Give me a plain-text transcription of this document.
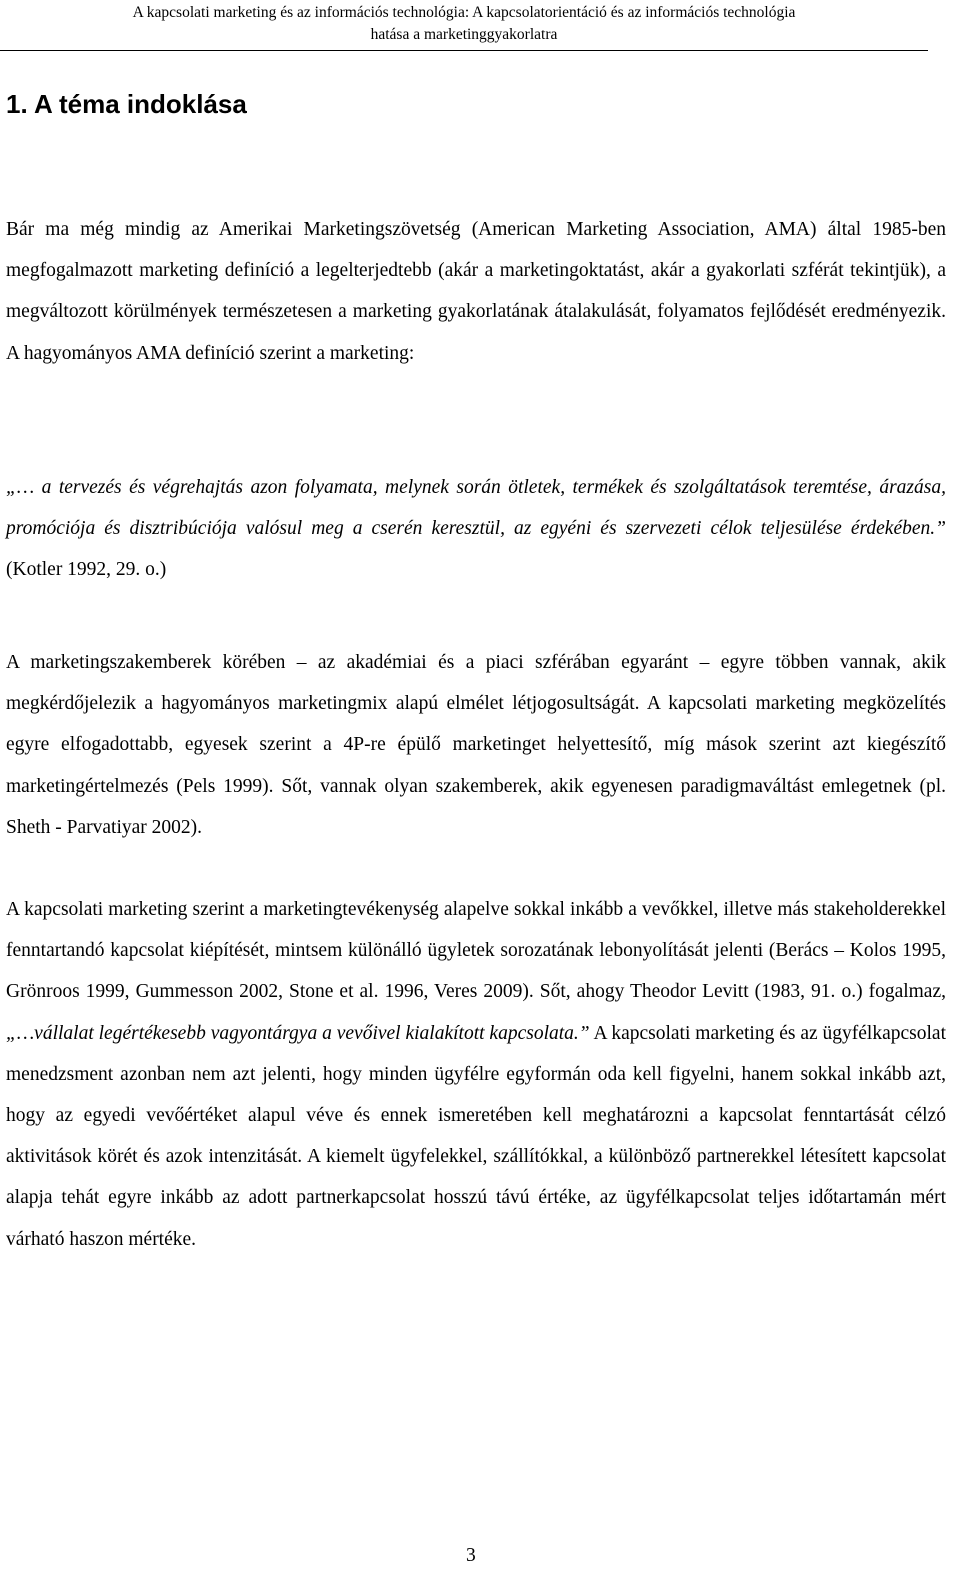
A kapcsolati marketing és az információs technológia: A kapcsolatorientáció és az információs technológia
hatása a marketinggyakorlatra
1. A téma indoklása

Bár ma még mindig az Amerikai Marketingszövetség (American Marketing Association, AMA) által 1985-ben megfogalmazott marketing definíció a legelterjedtebb (akár a marketingoktatást, akár a gyakorlati szférát tekintjük), a megváltozott körülmények természetesen a marketing gyakorlatának átalakulását, folyamatos fejlődését eredményezik. A hagyományos AMA definíció szerint a marketing:

„… a tervezés és végrehajtás azon folyamata, melynek során ötletek, termékek és szolgáltatások teremtése, árazása, promóciója és disztribúciója valósul meg a cserén keresztül, az egyéni és szervezeti célok teljesülése érdekében.” (Kotler 1992, 29. o.)

A marketingszakemberek körében – az akadémiai és a piaci szférában egyaránt – egyre többen vannak, akik megkérdőjelezik a hagyományos marketingmix alapú elmélet létjogosultságát. A kapcsolati marketing megközelítés egyre elfogadottabb, egyesek szerint a 4P-re épülő marketinget helyettesítő, míg mások szerint azt kiegészítő marketingértelmezés (Pels 1999). Sőt, vannak olyan szakemberek, akik egyenesen paradigmaváltást emlegetnek (pl. Sheth - Parvatiyar 2002).

A kapcsolati marketing szerint a marketingtevékenység alapelve sokkal inkább a vevőkkel, illetve más stakeholderekkel fenntartandó kapcsolat kiépítését, mintsem különálló ügyletek sorozatának lebonyolítását jelenti (Berács – Kolos 1995, Grönroos 1999, Gummesson 2002, Stone et al. 1996, Veres 2009). Sőt, ahogy Theodor Levitt (1983, 91. o.) fogalmaz, „…vállalat legértékesebb vagyontárgya a vevőivel kialakított kapcsolata.” A kapcsolati marketing és az ügyfélkapcsolat menedzsment azonban nem azt jelenti, hogy minden ügyfélre egyformán oda kell figyelni, hanem sokkal inkább azt, hogy az egyedi vevőértéket alapul véve és ennek ismeretében kell meghatározni a kapcsolat fenntartását célzó aktivitások körét és azok intenzitását. A kiemelt ügyfelekkel, szállítókkal, a különböző partnerekkel létesített kapcsolat alapja tehát egyre inkább az adott partnerkapcsolat hosszú távú értéke, az ügyfélkapcsolat teljes időtartamán mért várható haszon mértéke.

3
